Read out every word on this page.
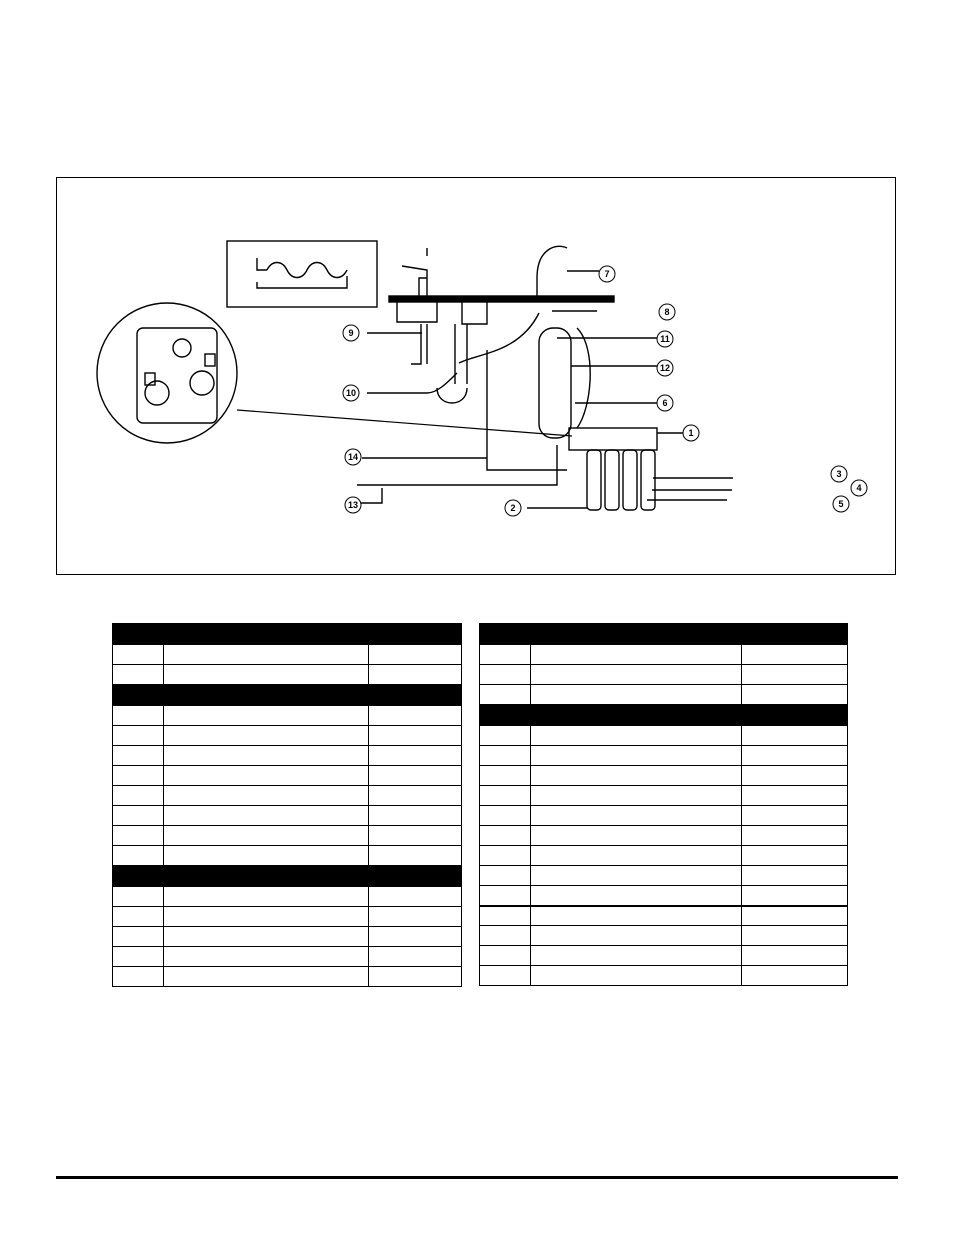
7
8
11
12
6
1
3
4
5
9
10
14
13	2
